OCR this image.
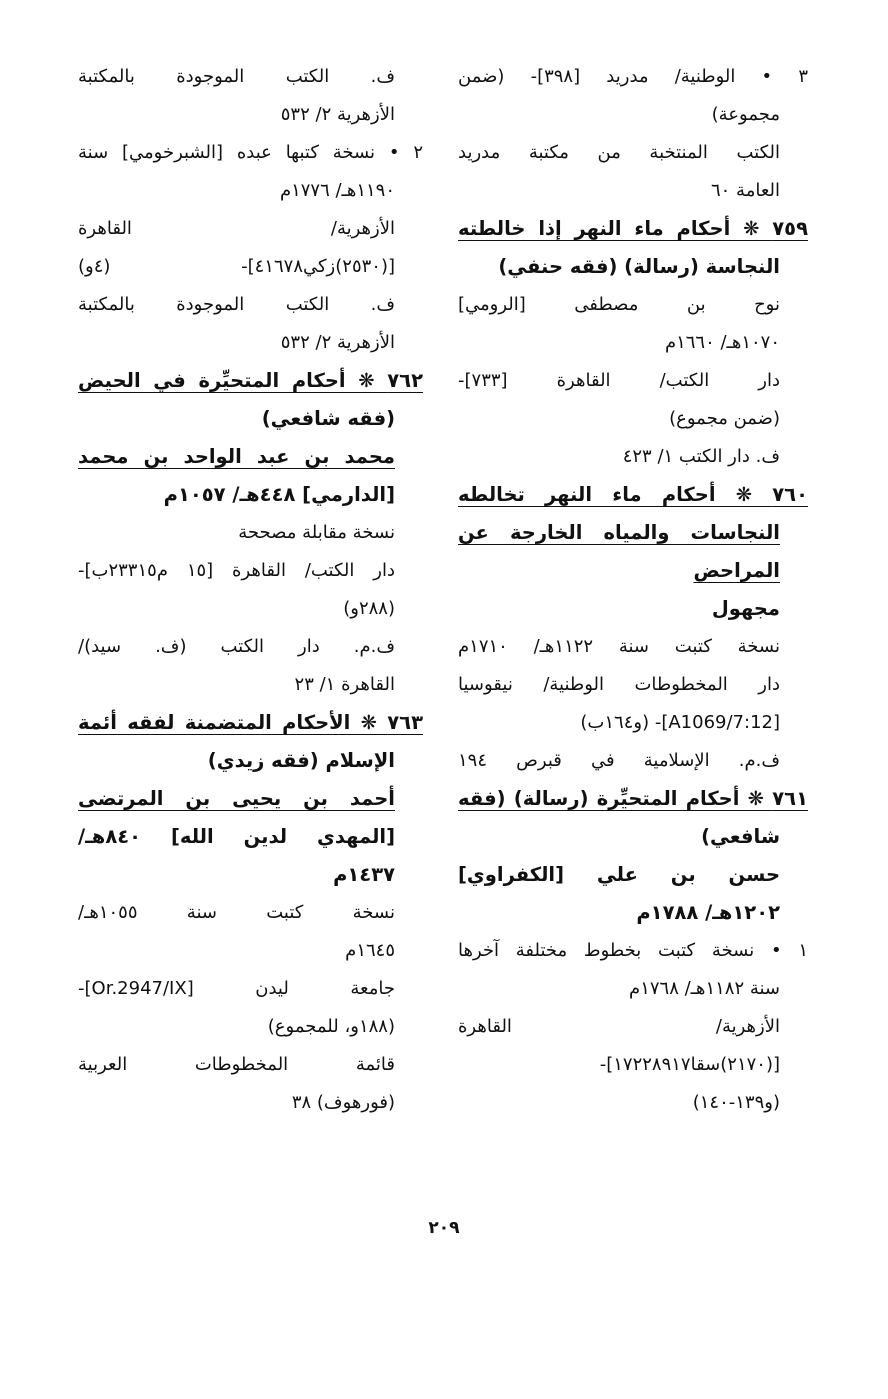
٣ • الوطنية/ مدريد [٣٩٨]- (ضمن
مجموعة)
الكتب المنتخبة من مكتبة مدريد
العامة ٦٠
٧٥٩ ❋ أحكام ماء النهر إذا خالطته
النجاسة (رسالة) (فقه حنفي)
نوح بن مصطفى [الرومي]
١٠٧٠هـ/ ١٦٦٠م
دار الكتب/ القاهرة [٧٣٣]-
(ضمن مجموع)
ف. دار الكتب ١/ ٤٢٣
٧٦٠ ❋ أحكام ماء النهر تخالطه
النجاسات والمياه الخارجة عن
المراحض
مجهول
نسخة كتبت سنة ١١٢٢هـ/ ١٧١٠م
دار المخطوطات الوطنية/ نيقوسيا
[A1069/7:12]- (و١٦٤ب)
ف.م. الإسلامية في قبرص ١٩٤
٧٦١ ❋ أحكام المتحيِّرة (رسالة) (فقه
شافعي)
حسن بن علي [الكفراوي]
١٢٠٢هـ/ ١٧٨٨م
١ • نسخة كتبت بخطوط مختلفة آخرها
سنة ١١٨٢هـ/ ١٧٦٨م
الأزهرية/ القاهرة
[(٢١٧٠)سقا١٧٢٢٨٩١٧]-
(و١٣٩-١٤٠)
ف. الكتب الموجودة بالمكتبة
الأزهرية ٢/ ٥٣٢
٢ • نسخة كتبها عبده [الشبرخومي] سنة
١١٩٠هـ/ ١٧٧٦م
الأزهرية/ القاهرة
[(٢٥٣٠)زكي٤١٦٧٨]- (٤و)
ف. الكتب الموجودة بالمكتبة
الأزهرية ٢/ ٥٣٢
٧٦٢ ❋ أحكام المتحيِّرة في الحيض
(فقه شافعي)
محمد بن عبد الواحد بن محمد
[الدارمي] ٤٤٨هـ/ ١٠٥٧م
نسخة مقابلة مصححة
دار الكتب/ القاهرة [١٥ م٢٣٣١٥ب]-
(٢٨٨و)
ف.م. دار الكتب (ف. سيد)/
القاهرة ١/ ٢٣
٧٦٣ ❋ الأحكام المتضمنة لفقه أئمة
الإسلام (فقه زيدي)
أحمد بن يحيى بن المرتضى
[المهدي لدين الله] ٨٤٠هـ/
١٤٣٧م
نسخة كتبت سنة ١٠٥٥هـ/
١٦٤٥م
جامعة ليدن [Or.2947/IX]-
(١٨٨و، للمجموع)
قائمة المخطوطات العربية
(فورهوف) ٣٨
٢٠٩
